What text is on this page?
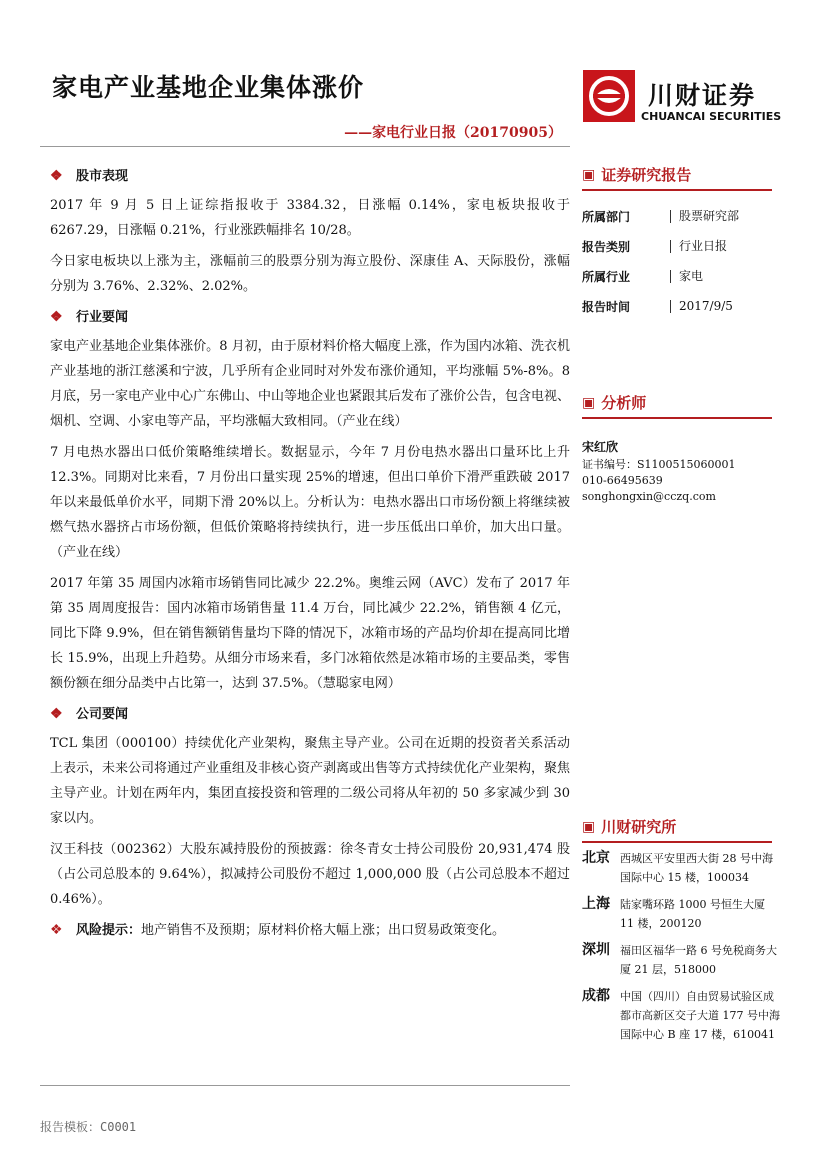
家电产业基地企业集体涨价
——家电行业日报（20170905）
川财证券
CHUANCAI SECURITIES
❖ 股市表现

2017 年 9 月 5 日上证综指报收于 3384.32，日涨幅 0.14%，家电板块报收于 6267.29，日涨幅 0.21%，行业涨跌幅排名 10/28。

今日家电板块以上涨为主，涨幅前三的股票分别为海立股份、深康佳 A、天际股份，涨幅分别为 3.76%、2.32%、2.02%。

❖ 行业要闻

家电产业基地企业集体涨价。8 月初，由于原材料价格大幅度上涨，作为国内冰箱、洗衣机产业基地的浙江慈溪和宁波，几乎所有企业同时对外发布涨价通知，平均涨幅 5%-8%。8 月底，另一家电产业中心广东佛山、中山等地企业也紧跟其后发布了涨价公告，包含电视、烟机、空调、小家电等产品，平均涨幅大致相同。（产业在线）

7 月电热水器出口低价策略维续增长。数据显示，今年 7 月份电热水器出口量环比上升 12.3%。同期对比来看，7 月份出口量实现 25%的增速，但出口单价下滑严重跌破 2017 年以来最低单价水平，同期下滑 20%以上。分析认为：电热水器出口市场份额上将继续被燃气热水器挤占市场份额，但低价策略将持续执行，进一步压低出口单价，加大出口量。（产业在线）

2017 年第 35 周国内冰箱市场销售同比减少 22.2%。奥维云网（AVC）发布了 2017 年第 35 周周度报告：国内冰箱市场销售量 11.4 万台，同比减少 22.2%，销售额 4 亿元，同比下降 9.9%，但在销售额销售量均下降的情况下，冰箱市场的产品均价却在提高同比增长 15.9%，出现上升趋势。从细分市场来看，多门冰箱依然是冰箱市场的主要品类，零售额份额在细分品类中占比第一，达到 37.5%。（慧聪家电网）

❖ 公司要闻

TCL 集团（000100）持续优化产业架构，聚焦主导产业。公司在近期的投资者关系活动上表示，未来公司将通过产业重组及非核心资产剥离或出售等方式持续优化产业架构，聚焦主导产业。计划在两年内，集团直接投资和管理的二级公司将从年初的 50 多家减少到 30 家以内。

汉王科技（002362）大股东减持股份的预披露：徐冬青女士持公司股份 20,931,474 股（占公司总股本的 9.64%），拟减持公司股份不超过 1,000,000 股（占公司总股本不超过 0.46%）。

❖ 风险提示： 地产销售不及预期；原材料价格大幅上涨；出口贸易政策变化。
▣ 证券研究报告
所属部门	股票研究部
报告类别	行业日报
所属行业	家电
报告时间	2017/9/5
▣ 分析师
宋红欣
证书编号：S1100515060001
010-66495639
songhongxin@cczq.com
▣ 川财研究所
北京 西城区平安里西大街 28 号中海国际中心 15 楼，100034
上海 陆家嘴环路 1000 号恒生大厦 11 楼，200120
深圳 福田区福华一路 6 号免税商务大厦 21 层，518000
成都 中国（四川）自由贸易试验区成都市高新区交子大道 177 号中海国际中心 B 座 17 楼，610041
报告模板：C0001
